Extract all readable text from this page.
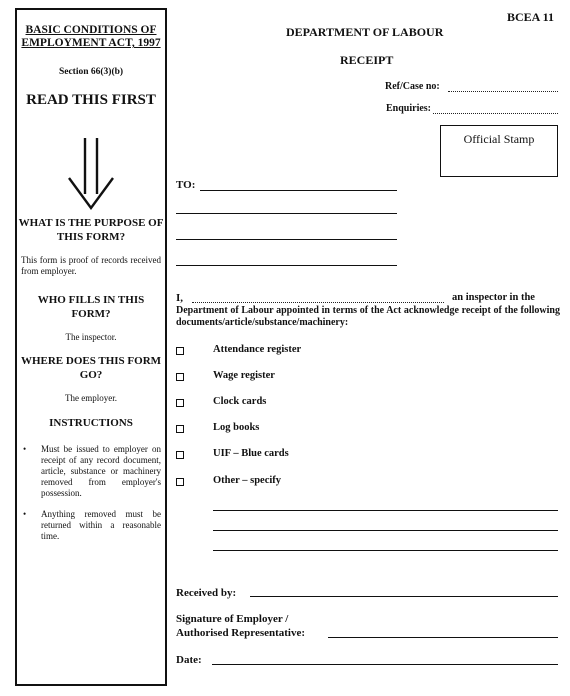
BASIC CONDITIONS OF EMPLOYMENT ACT, 1997
Section 66(3)(b)
READ THIS FIRST
WHAT IS THE PURPOSE OF THIS FORM?
This form is proof of records received from employer.
WHO FILLS IN THIS FORM?
The inspector.
WHERE DOES THIS FORM GO?
The employer.
INSTRUCTIONS
• Must be issued to employer on receipt of any record document, article, substance or machinery removed from employer's possession.
• Anything removed must be returned within a reasonable time.
BCEA 11
DEPARTMENT OF LABOUR
RECEIPT
Ref/Case no:
Enquiries:
Official Stamp
TO:
I,	an inspector in the
Department of Labour appointed in terms of the Act acknowledge receipt of the following documents/article/substance/machinery:
Attendance register
Wage register
Clock cards
Log books
UIF – Blue cards
Other – specify
Received by:
Signature of Employer /
Authorised Representative:
Date:
